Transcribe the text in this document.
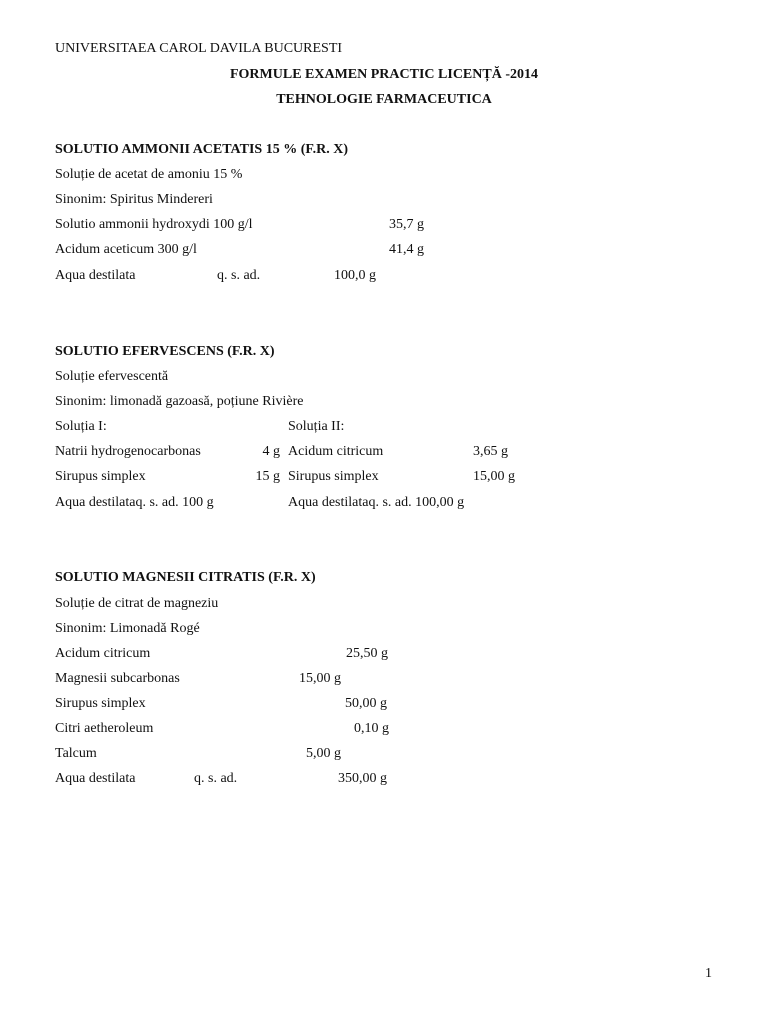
UNIVERSITAEA CAROL DAVILA BUCURESTI
FORMULE EXAMEN PRACTIC LICENȚĂ -2014
TEHNOLOGIE FARMACEUTICA
SOLUTIO AMMONII ACETATIS 15 % (F.R. X)
Soluție de acetat de amoniu 15 %
Sinonim: Spiritus Mindereri
Solutio ammonii hydroxydi 100 g/l	35,7 g
Acidum aceticum 300 g/l	41,4 g
Aqua destilata	q. s. ad.	100,0 g
SOLUTIO EFERVESCENS (F.R. X)
Soluție efervescentă
Sinonim: limonadă gazoasă, poțiune Rivière
Soluția I:	Soluția II:
Natrii hydrogenocarbonas	4 g Acidum citricum	3,65 g
Sirupus simplex	15 g Sirupus simplex	15,00 g
Aqua destilataq. s. ad. 100 g	Aqua destilataq. s. ad. 100,00 g
SOLUTIO MAGNESII CITRATIS (F.R. X)
Soluție de citrat de magneziu
Sinonim: Limonadă Rogé
Acidum citricum	25,50 g
Magnesii subcarbonas	15,00 g
Sirupus simplex	50,00 g
Citri aetheroleum	0,10 g
Talcum	5,00 g
Aqua destilata	q. s. ad.	350,00 g
1
